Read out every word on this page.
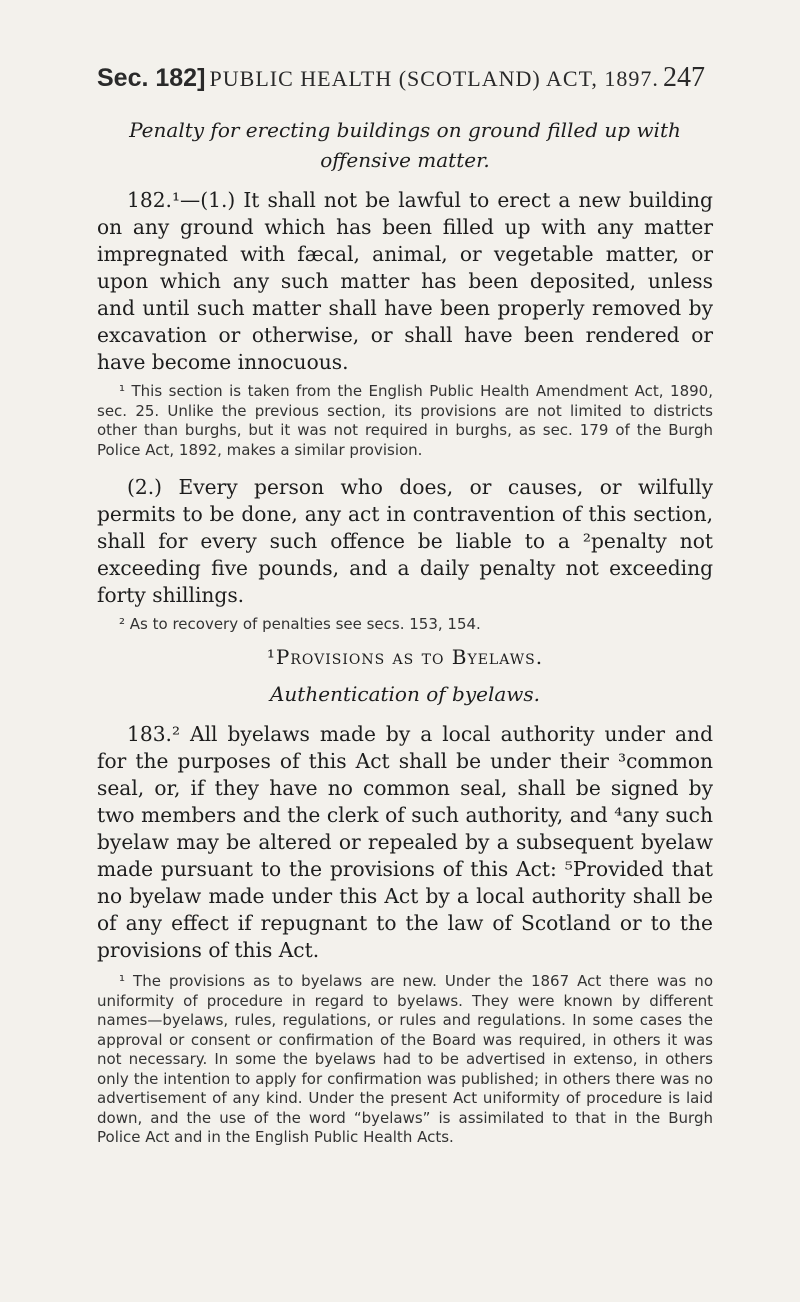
Sec. 182] PUBLIC HEALTH (SCOTLAND) ACT, 1897. 247
Penalty for erecting buildings on ground filled up with offensive matter.

182.¹—(1.) It shall not be lawful to erect a new building on any ground which has been filled up with any matter impregnated with fæcal, animal, or vegetable matter, or upon which any such matter has been deposited, unless and until such matter shall have been properly removed by excavation or otherwise, or shall have been rendered or have become innocuous.

¹ This section is taken from the English Public Health Amendment Act, 1890, sec. 25. Unlike the previous section, its provisions are not limited to districts other than burghs, but it was not required in burghs, as sec. 179 of the Burgh Police Act, 1892, makes a similar provision.

(2.) Every person who does, or causes, or wilfully permits to be done, any act in contravention of this section, shall for every such offence be liable to a ²penalty not exceeding five pounds, and a daily penalty not exceeding forty shillings.

² As to recovery of penalties see secs. 153, 154.

¹Provisions as to Byelaws.
Authentication of byelaws.

183.² All byelaws made by a local authority under and for the purposes of this Act shall be under their ³common seal, or, if they have no common seal, shall be signed by two members and the clerk of such authority, and ⁴any such byelaw may be altered or repealed by a subsequent byelaw made pursuant to the provisions of this Act: ⁵Provided that no byelaw made under this Act by a local authority shall be of any effect if repugnant to the law of Scotland or to the provisions of this Act.

¹ The provisions as to byelaws are new. Under the 1867 Act there was no uniformity of procedure in regard to byelaws. They were known by different names—byelaws, rules, regulations, or rules and regulations. In some cases the approval or consent or confirmation of the Board was required, in others it was not necessary. In some the byelaws had to be advertised in extenso, in others only the intention to apply for confirmation was published; in others there was no advertisement of any kind. Under the present Act uniformity of procedure is laid down, and the use of the word “byelaws” is assimilated to that in the Burgh Police Act and in the English Public Health Acts.
